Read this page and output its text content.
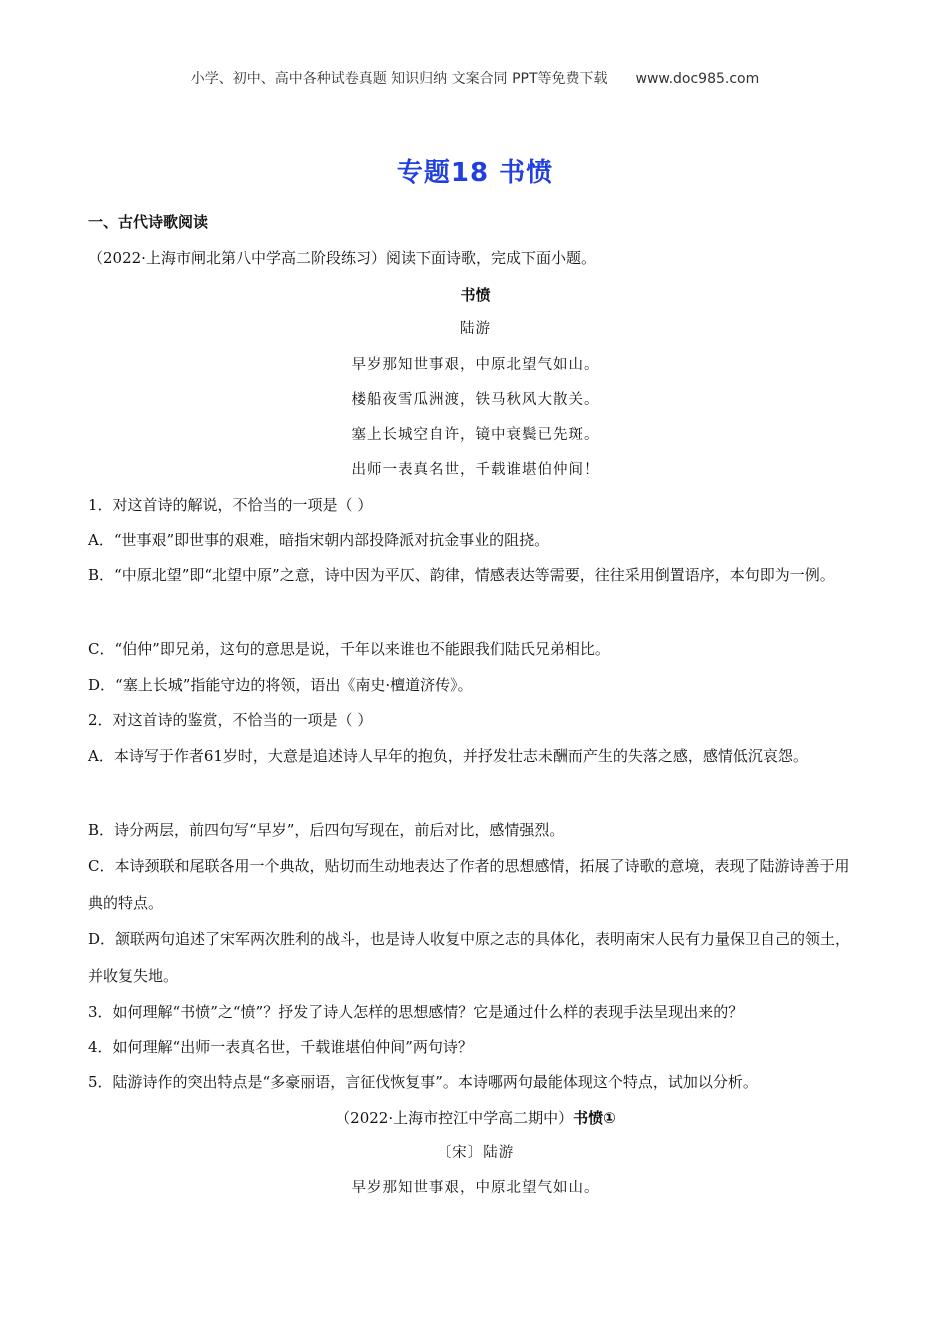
小学、初中、高中各种试卷真题 知识归纳 文案合同 PPT等免费下载 www.doc985.com
专题18 书愤
一、古代诗歌阅读
（2022·上海市闸北第八中学高二阶段练习）阅读下面诗歌，完成下面小题。
书愤
陆游
早岁那知世事艰，中原北望气如山。
楼船夜雪瓜洲渡，铁马秋风大散关。
塞上长城空自许，镜中衰鬓已先斑。
出师一表真名世，千载谁堪伯仲间！
1．对这首诗的解说，不恰当的一项是（ ）
A．“世事艰”即世事的艰难，暗指宋朝内部投降派对抗金事业的阻挠。
B．“中原北望”即“北望中原”之意，诗中因为平仄、韵律，情感表达等需要，往往采用倒置语序，本句即为一例。
C．“伯仲”即兄弟，这句的意思是说，千年以来谁也不能跟我们陆氏兄弟相比。
D．“塞上长城”指能守边的将领，语出《南史·檀道济传》。
2．对这首诗的鉴赏，不恰当的一项是（ ）
A．本诗写于作者61岁时，大意是追述诗人早年的抱负，并抒发壮志未酬而产生的失落之感，感情低沉哀怨。
B．诗分两层，前四句写“早岁”，后四句写现在，前后对比，感情强烈。
C．本诗颈联和尾联各用一个典故，贴切而生动地表达了作者的思想感情，拓展了诗歌的意境，表现了陆游诗善于用典的特点。
D．颔联两句追述了宋军两次胜利的战斗，也是诗人收复中原之志的具体化，表明南宋人民有力量保卫自己的领土，并收复失地。
3．如何理解“书愤”之“愤”？抒发了诗人怎样的思想感情？它是通过什么样的表现手法呈现出来的？
4．如何理解“出师一表真名世，千载谁堪伯仲间”两句诗？
5．陆游诗作的突出特点是“多豪丽语，言征伐恢复事”。本诗哪两句最能体现这个特点，试加以分析。
（2022·上海市控江中学高二期中）书愤①
〔宋〕陆游
早岁那知世事艰，中原北望气如山。
